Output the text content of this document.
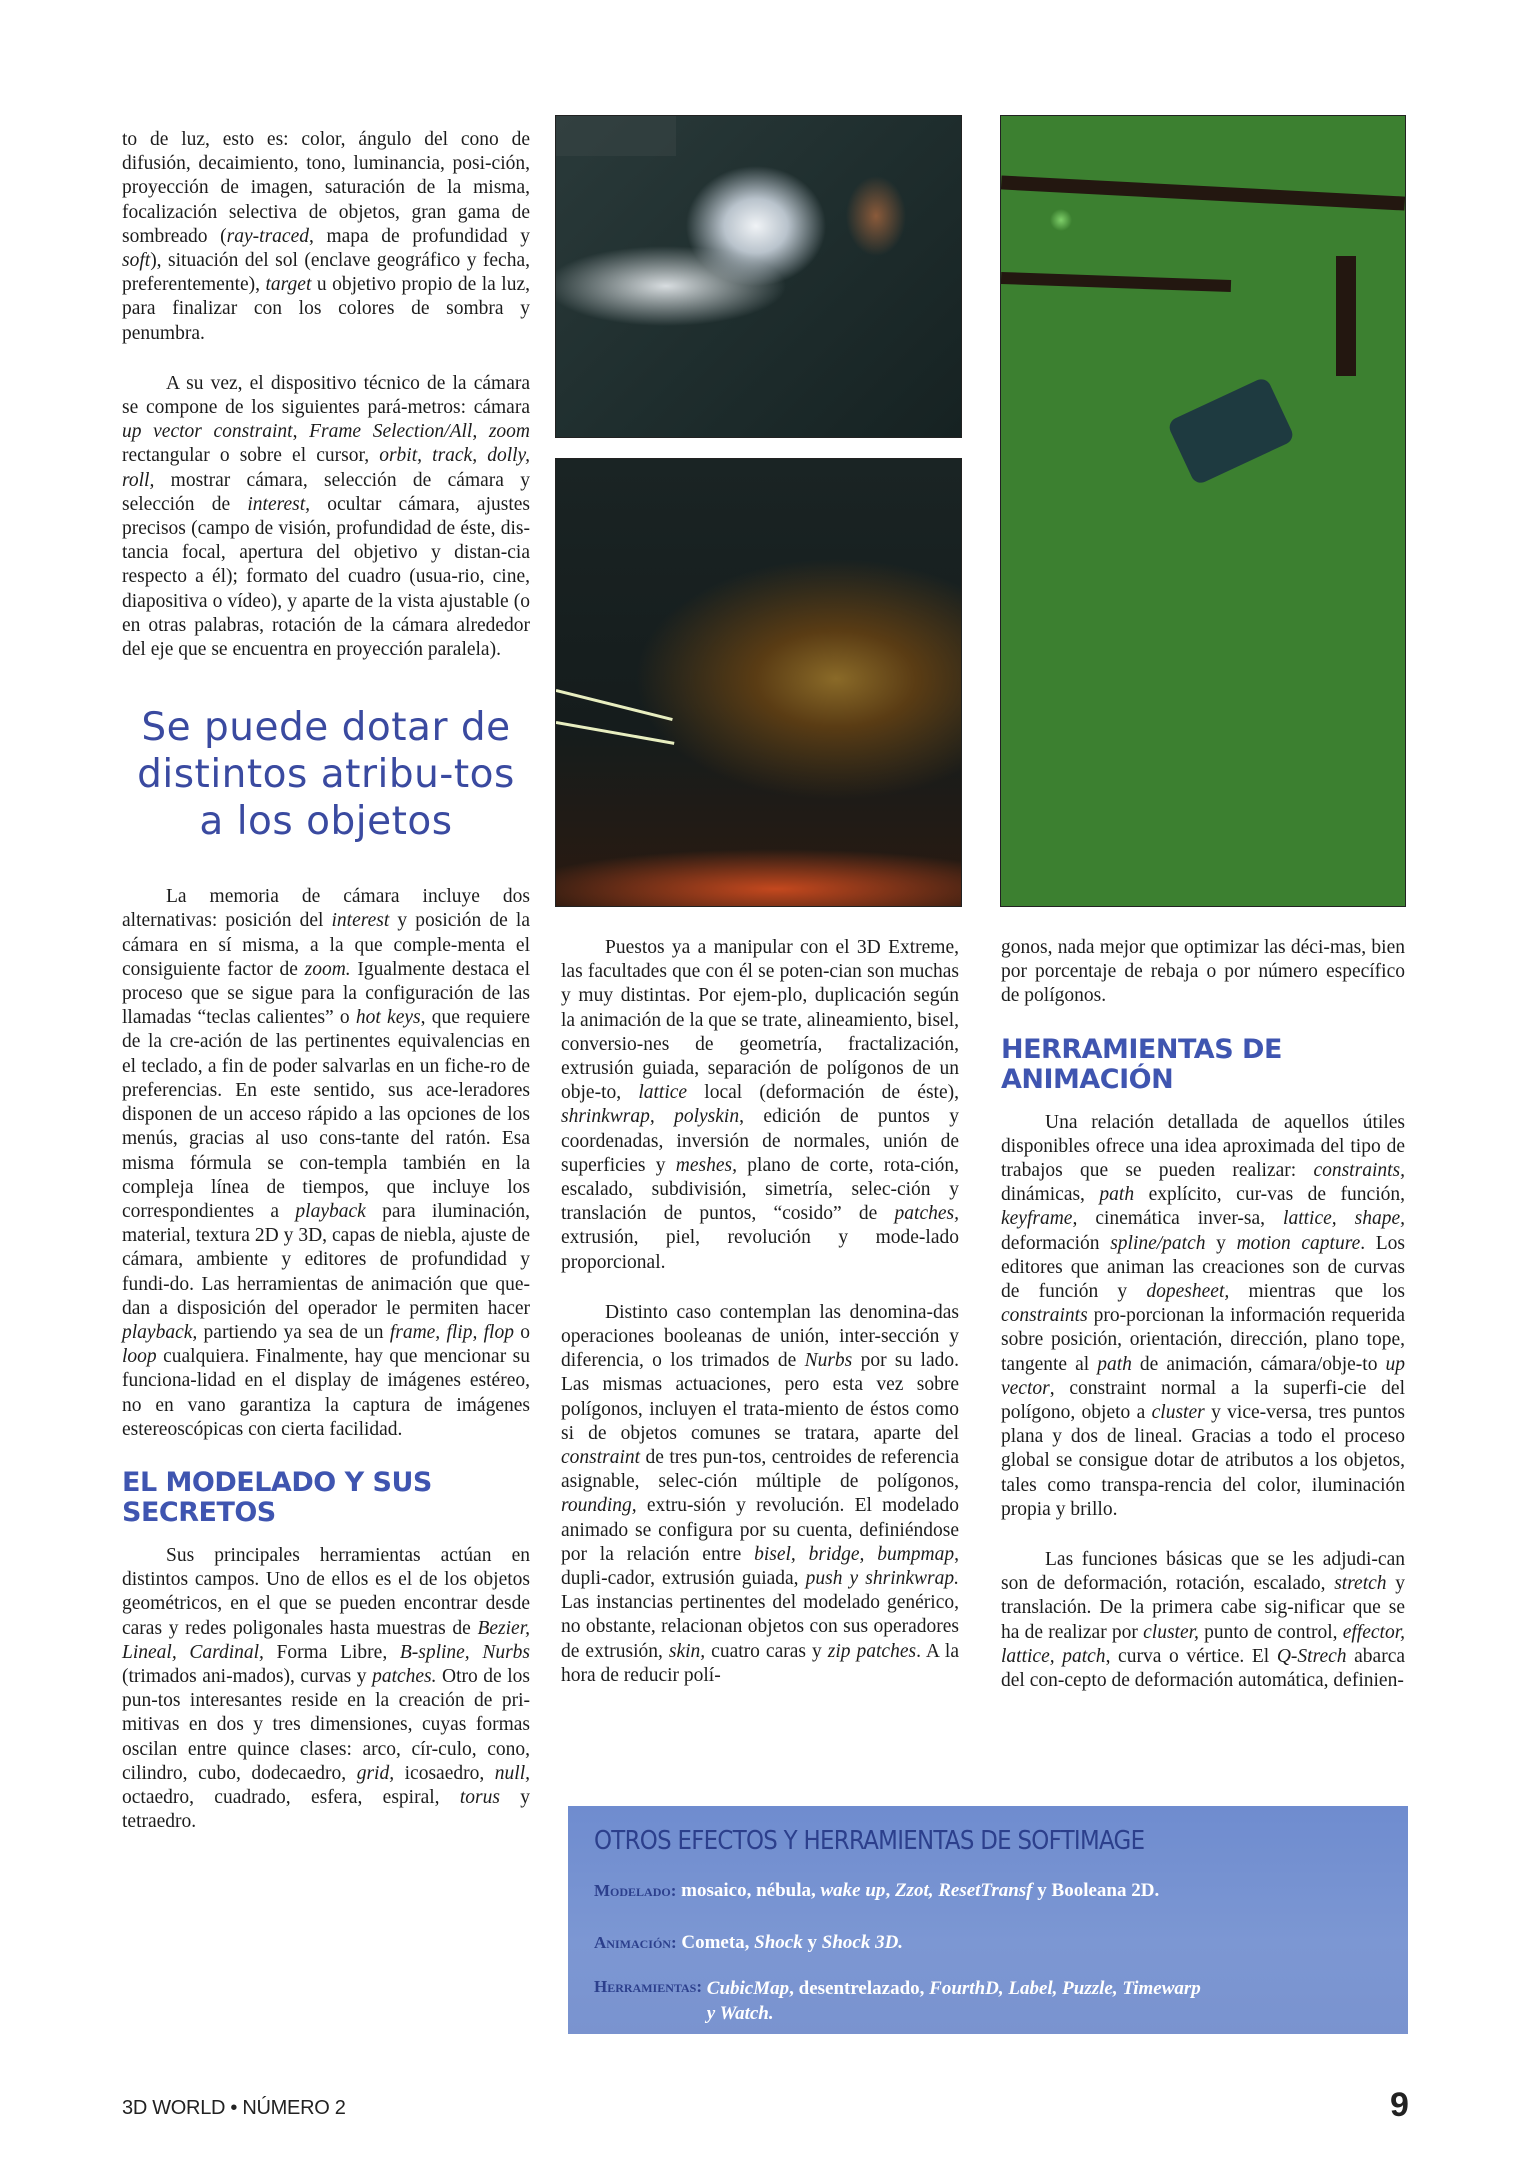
to de luz, esto es: color, ángulo del cono de difusión, decaimiento, tono, luminancia, posi-ción, proyección de imagen, saturación de la misma, focalización selectiva de objetos, gran gama de sombreado (ray-traced, mapa de profundidad y soft), situación del sol (enclave geográfico y fecha, preferentemente), target u objetivo propio de la luz, para finalizar con los colores de sombra y penumbra.

A su vez, el dispositivo técnico de la cámara se compone de los siguientes pará-metros: cámara up vector constraint, Frame Selection/All, zoom rectangular o sobre el cursor, orbit, track, dolly, roll, mostrar cámara, selección de cámara y selección de interest, ocultar cámara, ajustes precisos (campo de visión, profundidad de éste, dis-tancia focal, apertura del objetivo y distan-cia respecto a él); formato del cuadro (usua-rio, cine, diapositiva o vídeo), y aparte de la vista ajustable (o en otras palabras, rotación de la cámara alrededor del eje que se encuentra en proyección paralela).

Se puede dotar de distintos atribu-tos a los objetos

La memoria de cámara incluye dos alternativas: posición del interest y posición de la cámara en sí misma, a la que comple-menta el consiguiente factor de zoom. Igualmente destaca el proceso que se sigue para la configuración de las llamadas “teclas calientes” o hot keys, que requiere de la cre-ación de las pertinentes equivalencias en el teclado, a fin de poder salvarlas en un fiche-ro de preferencias. En este sentido, sus ace-leradores disponen de un acceso rápido a las opciones de los menús, gracias al uso cons-tante del ratón. Esa misma fórmula se con-templa también en la compleja línea de tiempos, que incluye los correspondientes a playback para iluminación, material, textura 2D y 3D, capas de niebla, ajuste de cámara, ambiente y editores de profundidad y fundi-do. Las herramientas de animación que que-dan a disposición del operador le permiten hacer playback, partiendo ya sea de un frame, flip, flop o loop cualquiera. Finalmente, hay que mencionar su funciona-lidad en el display de imágenes estéreo, no en vano garantiza la captura de imágenes estereoscópicas con cierta facilidad.

EL MODELADO Y SUS SECRETOS

Sus principales herramientas actúan en distintos campos. Uno de ellos es el de los objetos geométricos, en el que se pueden encontrar desde caras y redes poligonales hasta muestras de Bezier, Lineal, Cardinal, Forma Libre, B-spline, Nurbs (trimados ani-mados), curvas y patches. Otro de los pun-tos interesantes reside en la creación de pri-mitivas en dos y tres dimensiones, cuyas formas oscilan entre quince clases: arco, cír-culo, cono, cilindro, cubo, dodecaedro, grid, icosaedro, null, octaedro, cuadrado, esfera, espiral, torus y tetraedro.

Puestos ya a manipular con el 3D Extreme, las facultades que con él se poten-cian son muchas y muy distintas. Por ejem-plo, duplicación según la animación de la que se trate, alineamiento, bisel, conversio-nes de geometría, fractalización, extrusión guiada, separación de polígonos de un obje-to, lattice local (deformación de éste), shrinkwrap, polyskin, edición de puntos y coordenadas, inversión de normales, unión de superficies y meshes, plano de corte, rota-ción, escalado, subdivisión, simetría, selec-ción y translación de puntos, “cosido” de patches, extrusión, piel, revolución y mode-lado proporcional.

Distinto caso contemplan las denomina-das operaciones booleanas de unión, inter-sección y diferencia, o los trimados de Nurbs por su lado. Las mismas actuaciones, pero esta vez sobre polígonos, incluyen el trata-miento de éstos como si de objetos comunes se tratara, aparte del constraint de tres pun-tos, centroides de referencia asignable, selec-ción múltiple de polígonos, rounding, extru-sión y revolución. El modelado animado se configura por su cuenta, definiéndose por la relación entre bisel, bridge, bumpmap, dupli-cador, extrusión guiada, push y shrinkwrap. Las instancias pertinentes del modelado genérico, no obstante, relacionan objetos con sus operadores de extrusión, skin, cuatro caras y zip patches. A la hora de reducir polí-

gonos, nada mejor que optimizar las déci-mas, bien por porcentaje de rebaja o por número específico de polígonos.

HERRAMIENTAS DE ANIMACIÓN

Una relación detallada de aquellos útiles disponibles ofrece una idea aproximada del tipo de trabajos que se pueden realizar: constraints, dinámicas, path explícito, cur-vas de función, keyframe, cinemática inver-sa, lattice, shape, deformación spline/patch y motion capture. Los editores que animan las creaciones son de curvas de función y dopesheet, mientras que los constraints pro-porcionan la información requerida sobre posición, orientación, dirección, plano tope, tangente al path de animación, cámara/obje-to up vector, constraint normal a la superfi-cie del polígono, objeto a cluster y vice-versa, tres puntos plana y dos de lineal. Gracias a todo el proceso global se consigue dotar de atributos a los objetos, tales como transpa-rencia del color, iluminación propia y brillo.

Las funciones básicas que se les adjudi-can son de deformación, rotación, escalado, stretch y translación. De la primera cabe sig-nificar que se ha de realizar por cluster, punto de control, effector, lattice, patch, curva o vértice. El Q-Strech abarca del con-cepto de deformación automática, definien-

OTROS EFECTOS Y HERRAMIENTAS DE SOFTIMAGE
Modelado: mosaico, nébula, wake up, Zzot, ResetTransf y Booleana 2D.
Animación: Cometa, Shock y Shock 3D.
Herramientas: CubicMap, desentrelazado, FourthD, Label, Puzzle, Timewarp
y Watch.
3D WORLD • NÚMERO 2	9
